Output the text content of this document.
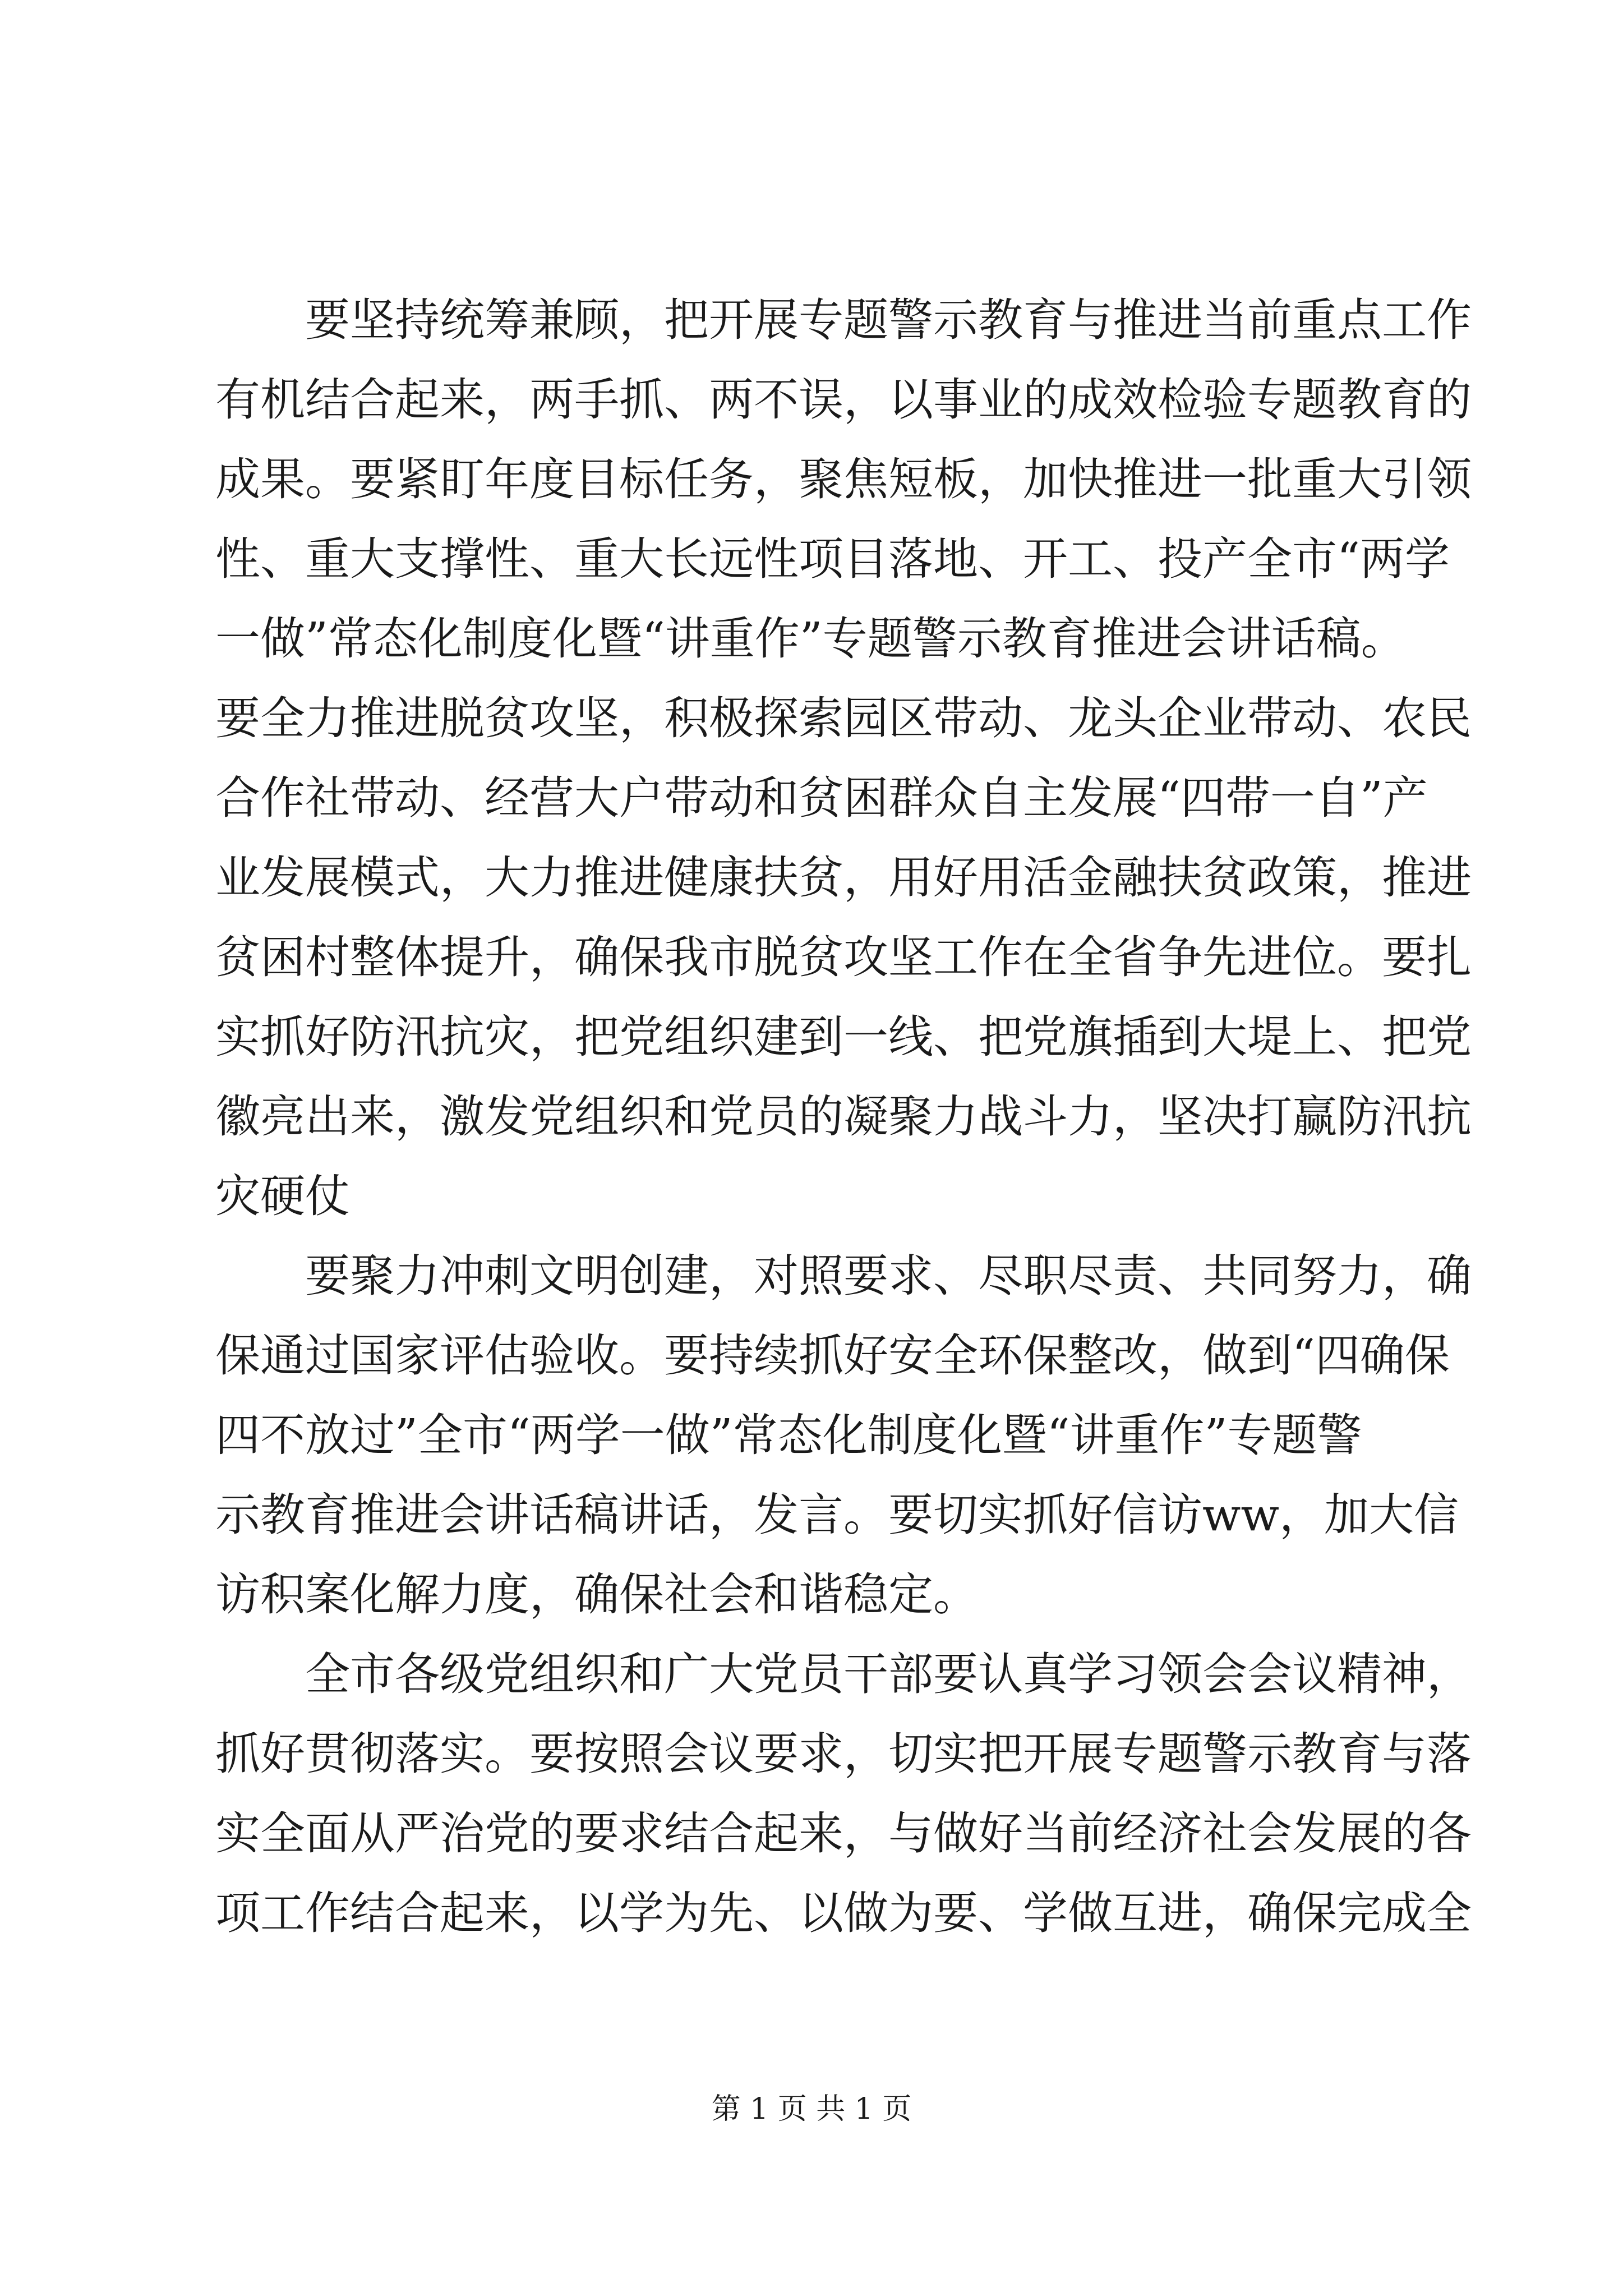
要坚持统筹兼顾，把开展专题警示教育与推进当前重点工作
有机结合起来，两手抓、两不误，以事业的成效检验专题教育的
成果。要紧盯年度目标任务，聚焦短板，加快推进一批重大引领
性、重大支撑性、重大长远性项目落地、开工、投产全市“两学
一做”常态化制度化暨“讲重作”专题警示教育推进会讲话稿。
要全力推进脱贫攻坚，积极探索园区带动、龙头企业带动、农民
合作社带动、经营大户带动和贫困群众自主发展“四带一自”产
业发展模式，大力推进健康扶贫，用好用活金融扶贫政策，推进
贫困村整体提升，确保我市脱贫攻坚工作在全省争先进位。要扎
实抓好防汛抗灾，把党组织建到一线、把党旗插到大堤上、把党
徽亮出来，激发党组织和党员的凝聚力战斗力，坚决打赢防汛抗
灾硬仗
要聚力冲刺文明创建，对照要求、尽职尽责、共同努力，确
保通过国家评估验收。要持续抓好安全环保整改，做到“四确保
四不放过”全市“两学一做”常态化制度化暨“讲重作”专题警
示教育推进会讲话稿讲话，发言。要切实抓好信访ww，加大信
访积案化解力度，确保社会和谐稳定。
全市各级党组织和广大党员干部要认真学习领会会议精神，
抓好贯彻落实。要按照会议要求，切实把开展专题警示教育与落
实全面从严治党的要求结合起来，与做好当前经济社会发展的各
项工作结合起来，以学为先、以做为要、学做互进，确保完成全
第 1 页 共 1 页
